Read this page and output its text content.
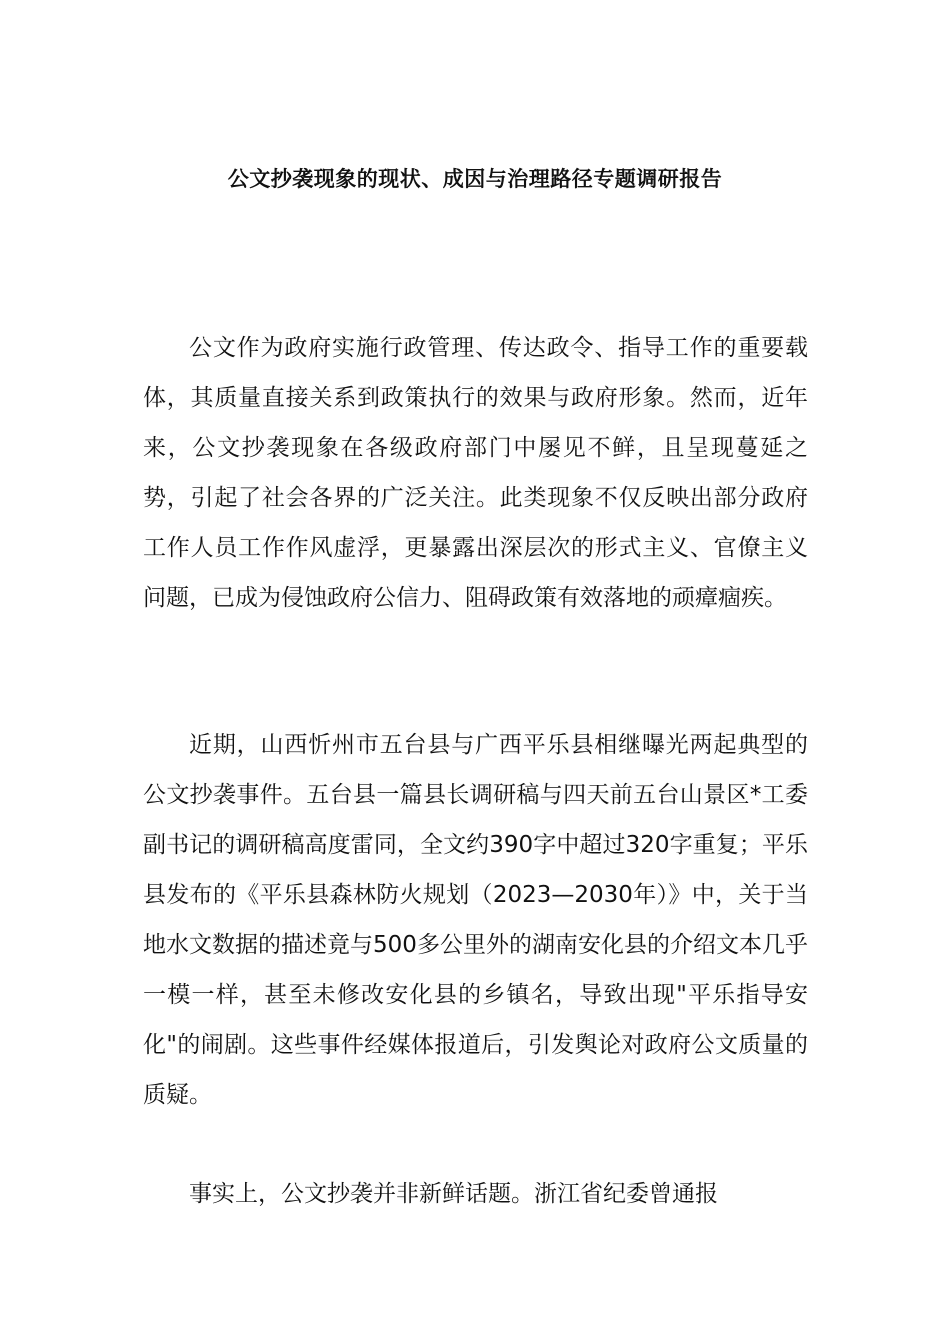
公文抄袭现象的现状、成因与治理路径专题调研报告

公文作为政府实施行政管理、传达政令、指导工作的重要载体，其质量直接关系到政策执行的效果与政府形象。然而，近年来，公文抄袭现象在各级政府部门中屡见不鲜，且呈现蔓延之势，引起了社会各界的广泛关注。此类现象不仅反映出部分政府工作人员工作作风虚浮，更暴露出深层次的形式主义、官僚主义问题，已成为侵蚀政府公信力、阻碍政策有效落地的顽瘴痼疾。

近期，山西忻州市五台县与广西平乐县相继曝光两起典型的公文抄袭事件。五台县一篇县长调研稿与四天前五台山景区*工委副书记的调研稿高度雷同，全文约390字中超过320字重复；平乐县发布的《平乐县森林防火规划（2023—2030年）》中，关于当地水文数据的描述竟与500多公里外的湖南安化县的介绍文本几乎一模一样，甚至未修改安化县的乡镇名，导致出现"平乐指导安化"的闹剧。这些事件经媒体报道后，引发舆论对政府公文质量的质疑。

事实上，公文抄袭并非新鲜话题。浙江省纪委曾通报
